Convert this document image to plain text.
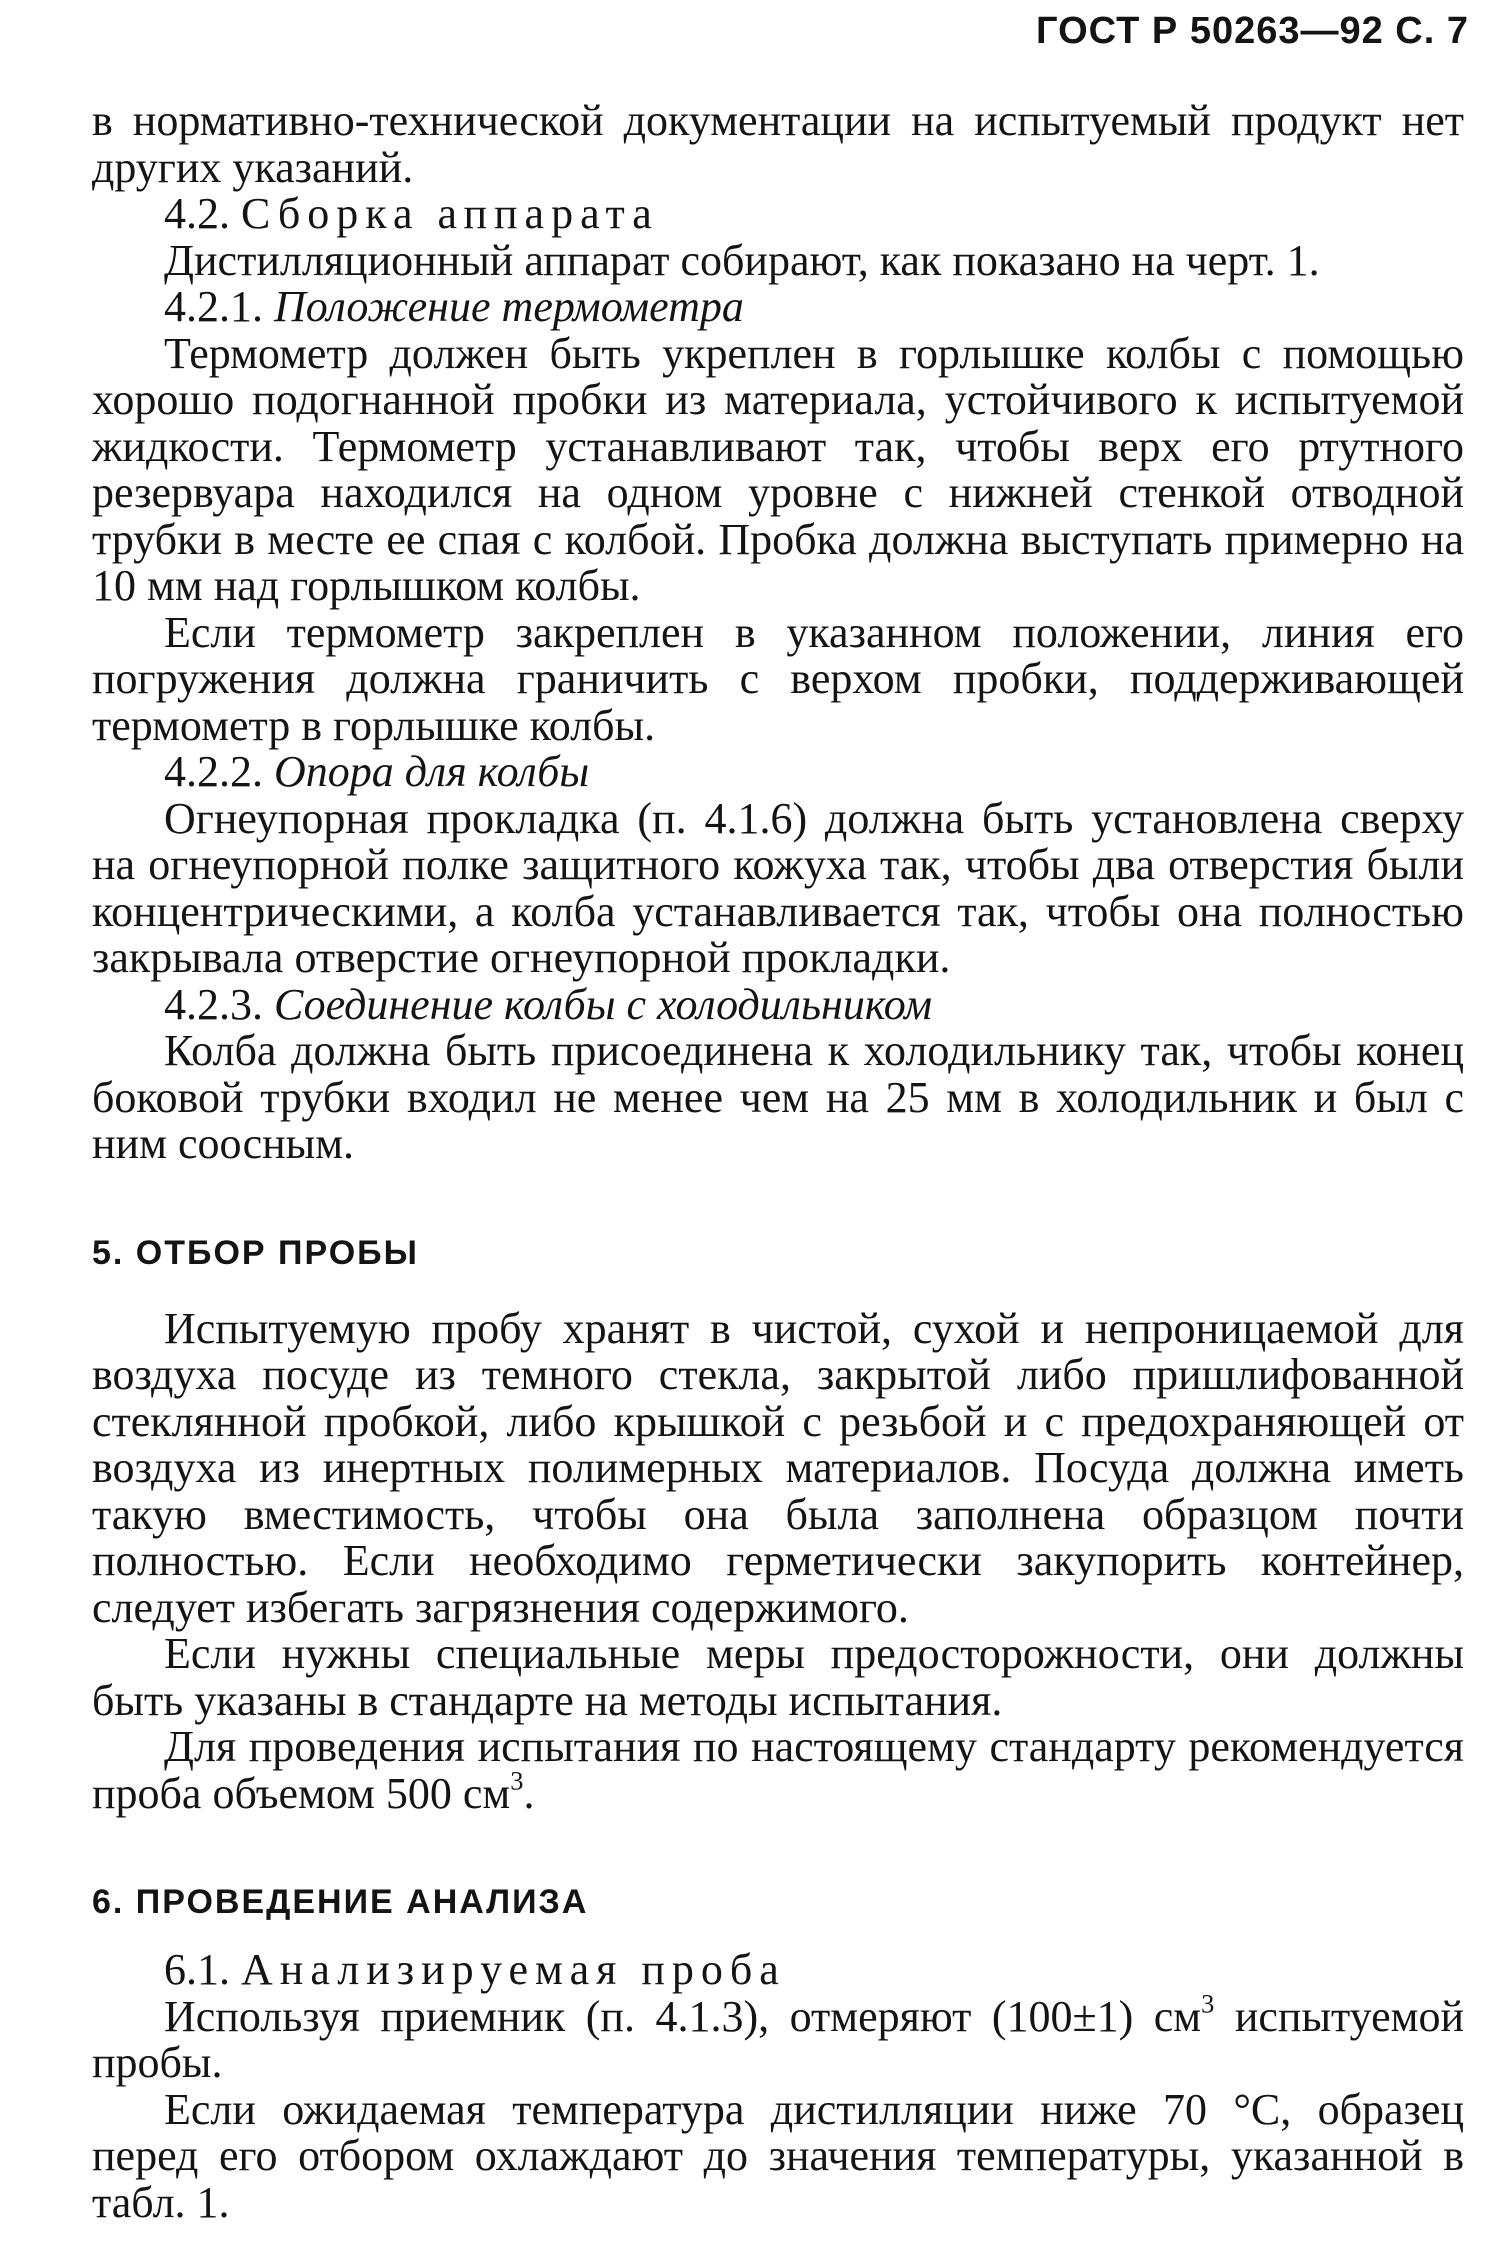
ГОСТ Р 50263—92 С. 7

в нормативно-технической документации на испытуемый продукт нет других указаний.

4.2. Сборка аппарата

Дистилляционный аппарат собирают, как показано на черт. 1.

4.2.1. Положение термометра

Термометр должен быть укреплен в горлышке колбы с помощью хорошо подогнанной пробки из материала, устойчивого к испытуемой жидкости. Термометр устанавливают так, чтобы верх его ртутного резервуара находился на одном уровне с нижней стенкой отводной трубки в месте ее спая с колбой. Пробка должна выступать примерно на 10 мм над горлышком колбы.

Если термометр закреплен в указанном положении, линия его погружения должна граничить с верхом пробки, поддерживающей термометр в горлышке колбы.

4.2.2. Опора для колбы

Огнеупорная прокладка (п. 4.1.6) должна быть установлена сверху на огнеупорной полке защитного кожуха так, чтобы два отверстия были концентрическими, а колба устанавливается так, чтобы она полностью закрывала отверстие огнеупорной прокладки.

4.2.3. Соединение колбы с холодильником

Колба должна быть присоединена к холодильнику так, чтобы конец боковой трубки входил не менее чем на 25 мм в холодильник и был с ним соосным.

5. ОТБОР ПРОБЫ

Испытуемую пробу хранят в чистой, сухой и непроницаемой для воздуха посуде из темного стекла, закрытой либо пришлифованной стеклянной пробкой, либо крышкой с резьбой и с предохраняющей от воздуха из инертных полимерных материалов. Посуда должна иметь такую вместимость, чтобы она была заполнена образцом почти полностью. Если необходимо герметически закупорить контейнер, следует избегать загрязнения содержимого.

Если нужны специальные меры предосторожности, они должны быть указаны в стандарте на методы испытания.

Для проведения испытания по настоящему стандарту рекомендуется проба объемом 500 $см^3$.

6. ПРОВЕДЕНИЕ АНАЛИЗА

6.1. Анализируемая проба

Используя приемник (п. 4.1.3), отмеряют (100±1) $см^3$ испытуемой пробы.

Если ожидаемая температура дистилляции ниже 70 °С, образец перед его отбором охлаждают до значения температуры, указанной в табл. 1.
